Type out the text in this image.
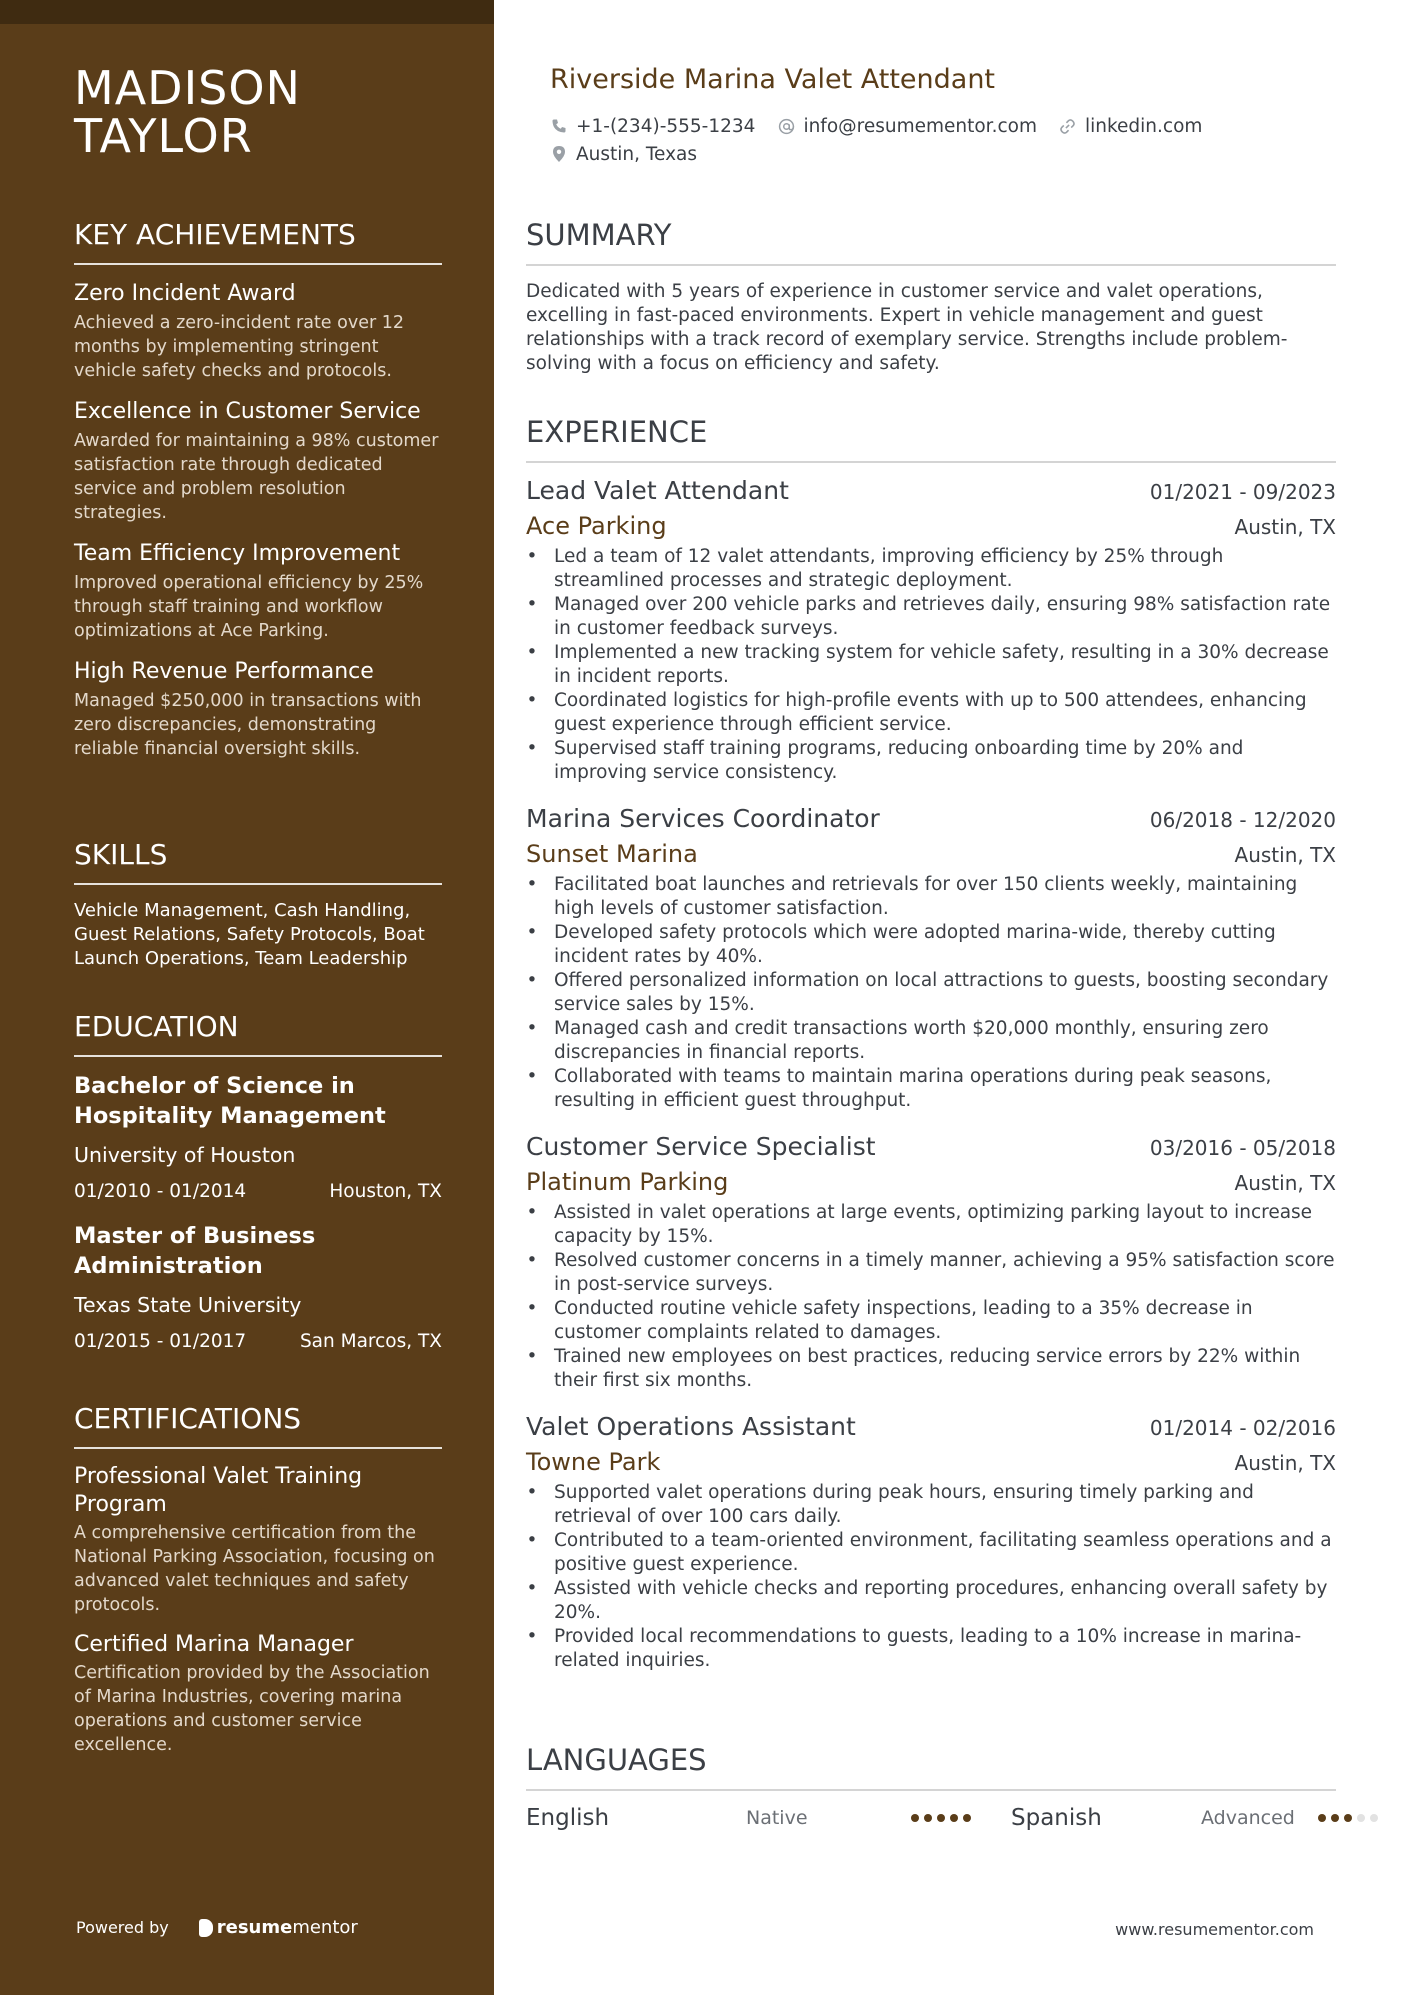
MADISON
TAYLOR
KEY ACHIEVEMENTS
Zero Incident Award
Achieved a zero-incident rate over 12 months by implementing stringent vehicle safety checks and protocols.
Excellence in Customer Service
Awarded for maintaining a 98% customer satisfaction rate through dedicated service and problem resolution strategies.
Team Efficiency Improvement
Improved operational efficiency by 25% through staff training and workflow optimizations at Ace Parking.
High Revenue Performance
Managed $250,000 in transactions with zero discrepancies, demonstrating reliable financial oversight skills.
SKILLS
Vehicle Management, Cash Handling, Guest Relations, Safety Protocols, Boat Launch Operations, Team Leadership
EDUCATION
Bachelor of Science in Hospitality Management
University of Houston
01/2010 - 01/2014	Houston, TX
Master of Business Administration
Texas State University
01/2015 - 01/2017	San Marcos, TX
CERTIFICATIONS
Professional Valet Training Program
A comprehensive certification from the National Parking Association, focusing on advanced valet techniques and safety protocols.
Certified Marina Manager
Certification provided by the Association of Marina Industries, covering marina operations and customer service excellence.
Powered by	resume mentor
Riverside Marina Valet Attendant
+1-(234)-555-1234	info@resumementor.com	linkedin.com
Austin, Texas
SUMMARY
Dedicated with 5 years of experience in customer service and valet operations, excelling in fast-paced environments. Expert in vehicle management and guest relationships with a track record of exemplary service. Strengths include problem-solving with a focus on efficiency and safety.
EXPERIENCE
Lead Valet Attendant	01/2021 - 09/2023
Ace Parking	Austin, TX
• Led a team of 12 valet attendants, improving efficiency by 25% through streamlined processes and strategic deployment.
• Managed over 200 vehicle parks and retrieves daily, ensuring 98% satisfaction rate in customer feedback surveys.
• Implemented a new tracking system for vehicle safety, resulting in a 30% decrease in incident reports.
• Coordinated logistics for high-profile events with up to 500 attendees, enhancing guest experience through efficient service.
• Supervised staff training programs, reducing onboarding time by 20% and improving service consistency.
Marina Services Coordinator	06/2018 - 12/2020
Sunset Marina	Austin, TX
• Facilitated boat launches and retrievals for over 150 clients weekly, maintaining high levels of customer satisfaction.
• Developed safety protocols which were adopted marina-wide, thereby cutting incident rates by 40%.
• Offered personalized information on local attractions to guests, boosting secondary service sales by 15%.
• Managed cash and credit transactions worth $20,000 monthly, ensuring zero discrepancies in financial reports.
• Collaborated with teams to maintain marina operations during peak seasons, resulting in efficient guest throughput.
Customer Service Specialist	03/2016 - 05/2018
Platinum Parking	Austin, TX
• Assisted in valet operations at large events, optimizing parking layout to increase capacity by 15%.
• Resolved customer concerns in a timely manner, achieving a 95% satisfaction score in post-service surveys.
• Conducted routine vehicle safety inspections, leading to a 35% decrease in customer complaints related to damages.
• Trained new employees on best practices, reducing service errors by 22% within their first six months.
Valet Operations Assistant	01/2014 - 02/2016
Towne Park	Austin, TX
• Supported valet operations during peak hours, ensuring timely parking and retrieval of over 100 cars daily.
• Contributed to a team-oriented environment, facilitating seamless operations and a positive guest experience.
• Assisted with vehicle checks and reporting procedures, enhancing overall safety by 20%.
• Provided local recommendations to guests, leading to a 10% increase in marina-related inquiries.
LANGUAGES
English	Native	Spanish	Advanced
www.resumementor.com
